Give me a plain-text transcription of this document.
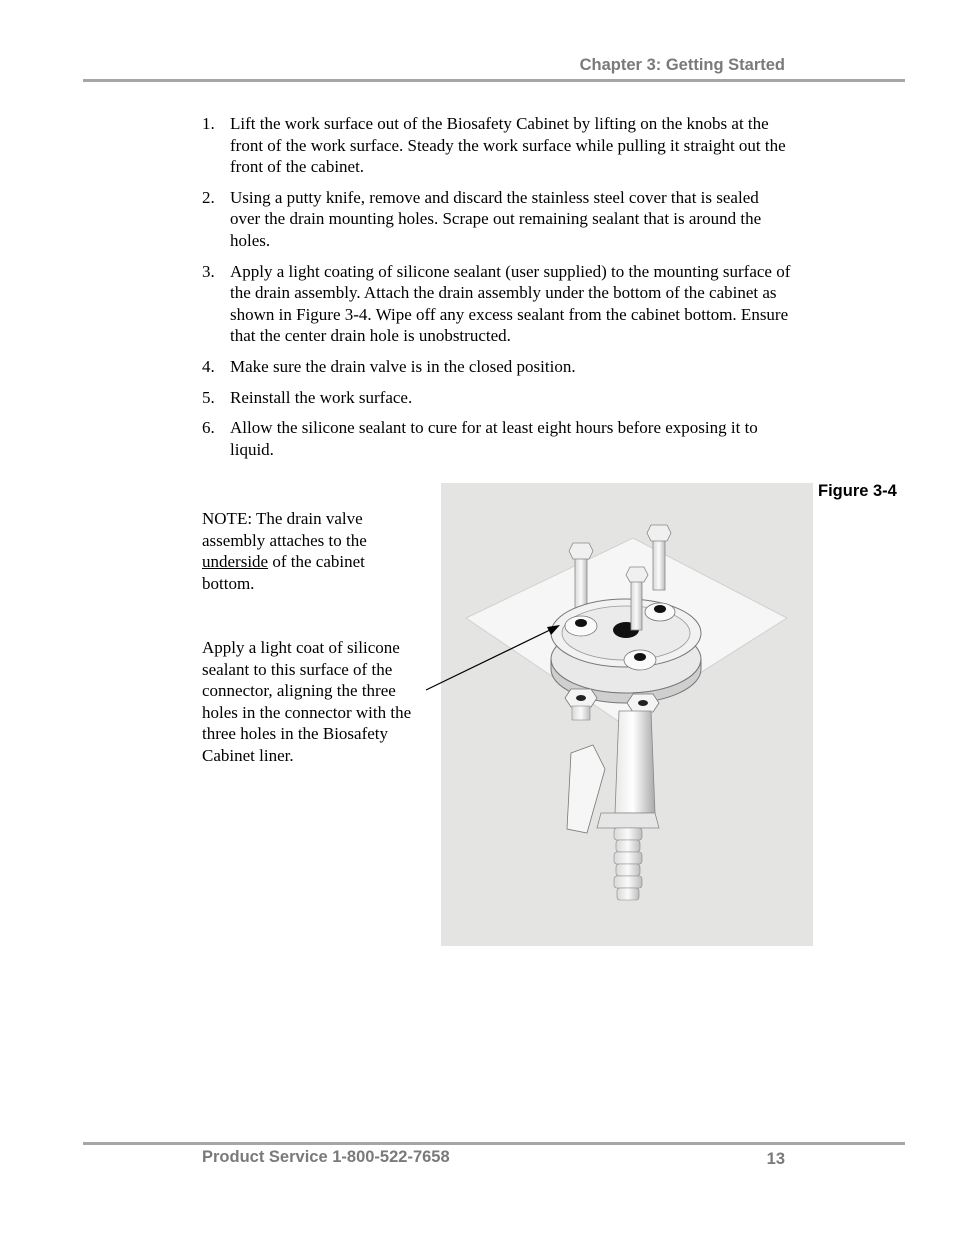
Chapter 3: Getting Started
1. Lift the work surface out of the Biosafety Cabinet by lifting on the knobs at the front of the work surface. Steady the work surface while pulling it straight out the front of the cabinet.
2. Using a putty knife, remove and discard the stainless steel cover that is sealed over the drain mounting holes. Scrape out remaining sealant that is around the holes.
3. Apply a light coating of silicone sealant (user supplied) to the mounting surface of the drain assembly. Attach the drain assembly under the bottom of the cabinet as shown in Figure 3-4. Wipe off any excess sealant from the cabinet bottom. Ensure that the center drain hole is unobstructed.
4. Make sure the drain valve is in the closed position.
5. Reinstall the work surface.
6. Allow the silicone sealant to cure for at least eight hours before exposing it to liquid.
Figure 3-4
NOTE: The drain valve assembly attaches to the underside of the cabinet bottom.
Apply a light coat of silicone sealant to this surface of the connector, aligning the three holes in the connector with the three holes in the Biosafety Cabinet liner.
Product Service 1-800-522-7658	13
